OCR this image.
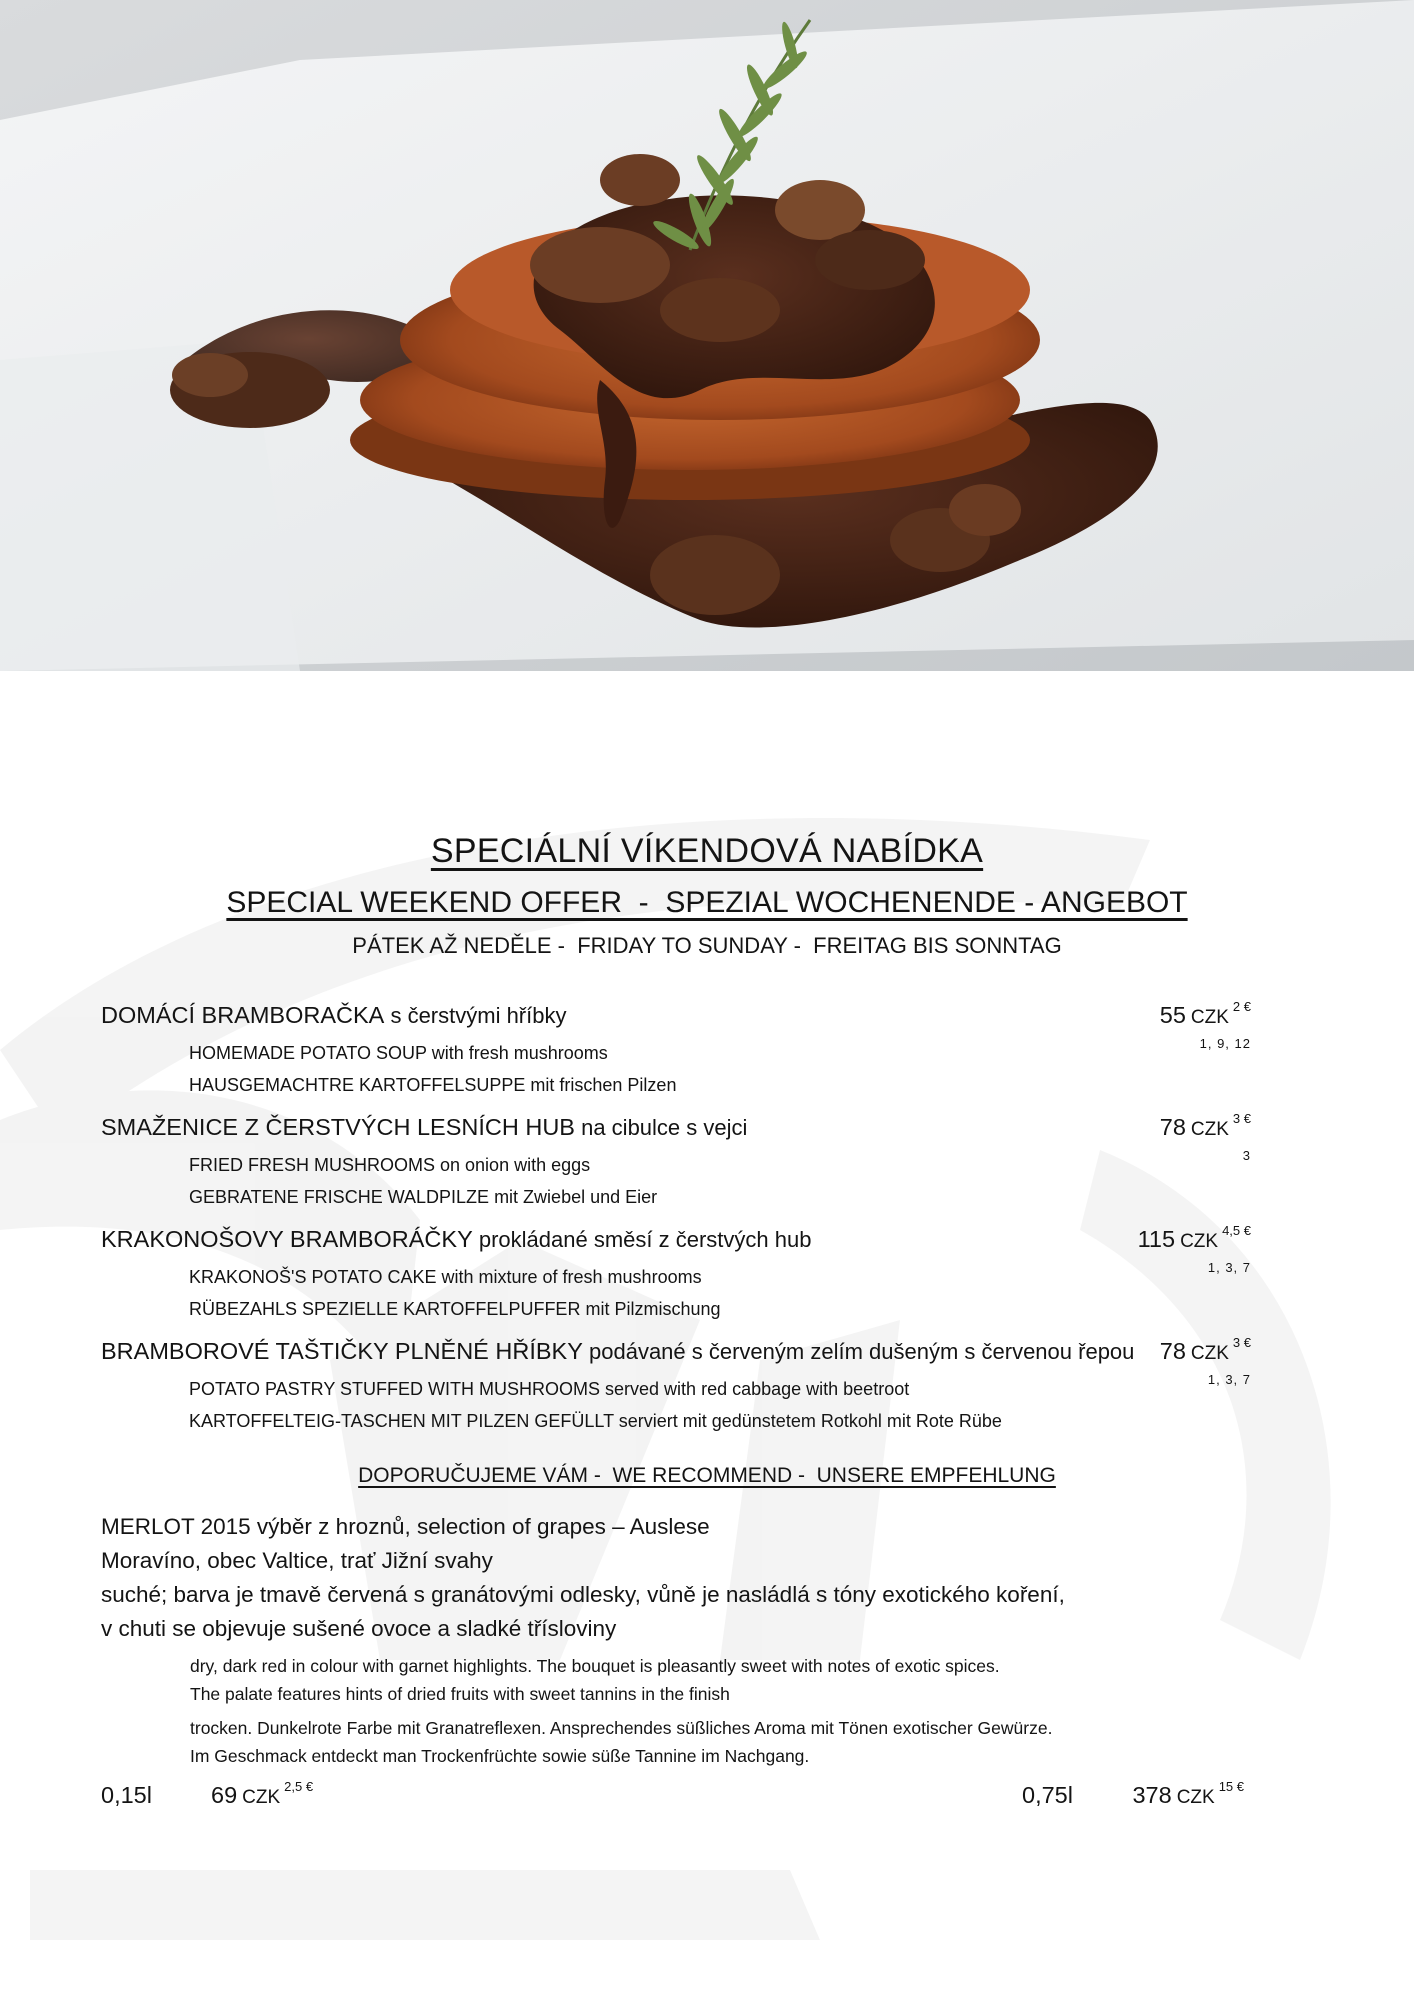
SPECIÁLNÍ VÍKENDOVÁ NABÍDKA
SPECIAL WEEKEND OFFER  -  SPEZIAL WOCHENENDE - ANGEBOT
PÁTEK AŽ NEDĚLE -  FRIDAY TO SUNDAY -  FREITAG BIS SONNTAG
DOMÁCÍ BRAMBORAČKA s čerstvými hříbky	55 $CZK^{2 €}$
1, 9, 12
HOMEMADE POTATO SOUP with fresh mushrooms
HAUSGEMACHTRE KARTOFFELSUPPE mit frischen Pilzen
SMAŽENICE Z ČERSTVÝCH LESNÍCH HUB na cibulce s vejci	78 $CZK^{3 €}$
3
FRIED FRESH MUSHROOMS on onion with eggs
GEBRATENE FRISCHE WALDPILZE mit Zwiebel und Eier
KRAKONOŠOVY BRAMBORÁČKY prokládané směsí z čerstvých hub	115 $CZK^{4,5 €}$
1, 3, 7
KRAKONOŠ'S POTATO CAKE with mixture of fresh mushrooms
RÜBEZAHLS SPEZIELLE KARTOFFELPUFFER mit Pilzmischung
BRAMBOROVÉ TAŠTIČKY PLNĚNÉ HŘÍBKY podávané s červeným zelím dušeným s červenou řepou	78 $CZK^{3 €}$
1, 3, 7
POTATO PASTRY STUFFED WITH MUSHROOMS served with red cabbage with beetroot
KARTOFFELTEIG-TASCHEN MIT PILZEN GEFÜLLT serviert mit gedünstetem Rotkohl mit Rote Rübe
DOPORUČUJEME VÁM -  WE RECOMMEND -  UNSERE EMPFEHLUNG
MERLOT 2015 výběr z hroznů, selection of grapes – Auslese
Moravíno, obec Valtice, trať Jižní svahy
suché; barva je tmavě červená s granátovými odlesky, vůně je nasládlá s tóny exotického koření,
v chuti se objevuje sušené ovoce a sladké třísloviny
dry, dark red in colour with garnet highlights. The bouquet is pleasantly sweet with notes of exotic spices.
The palate features hints of dried fruits with sweet tannins in the finish
trocken. Dunkelrote Farbe mit Granatreflexen. Ansprechendes süßliches Aroma mit Tönen exotischer Gewürze.
Im Geschmack entdeckt man Trockenfrüchte sowie süße Tannine im Nachgang.
0,15l	69 $CZK^{2,5 €}$	0,75l	378 $CZK^{15 €}$
